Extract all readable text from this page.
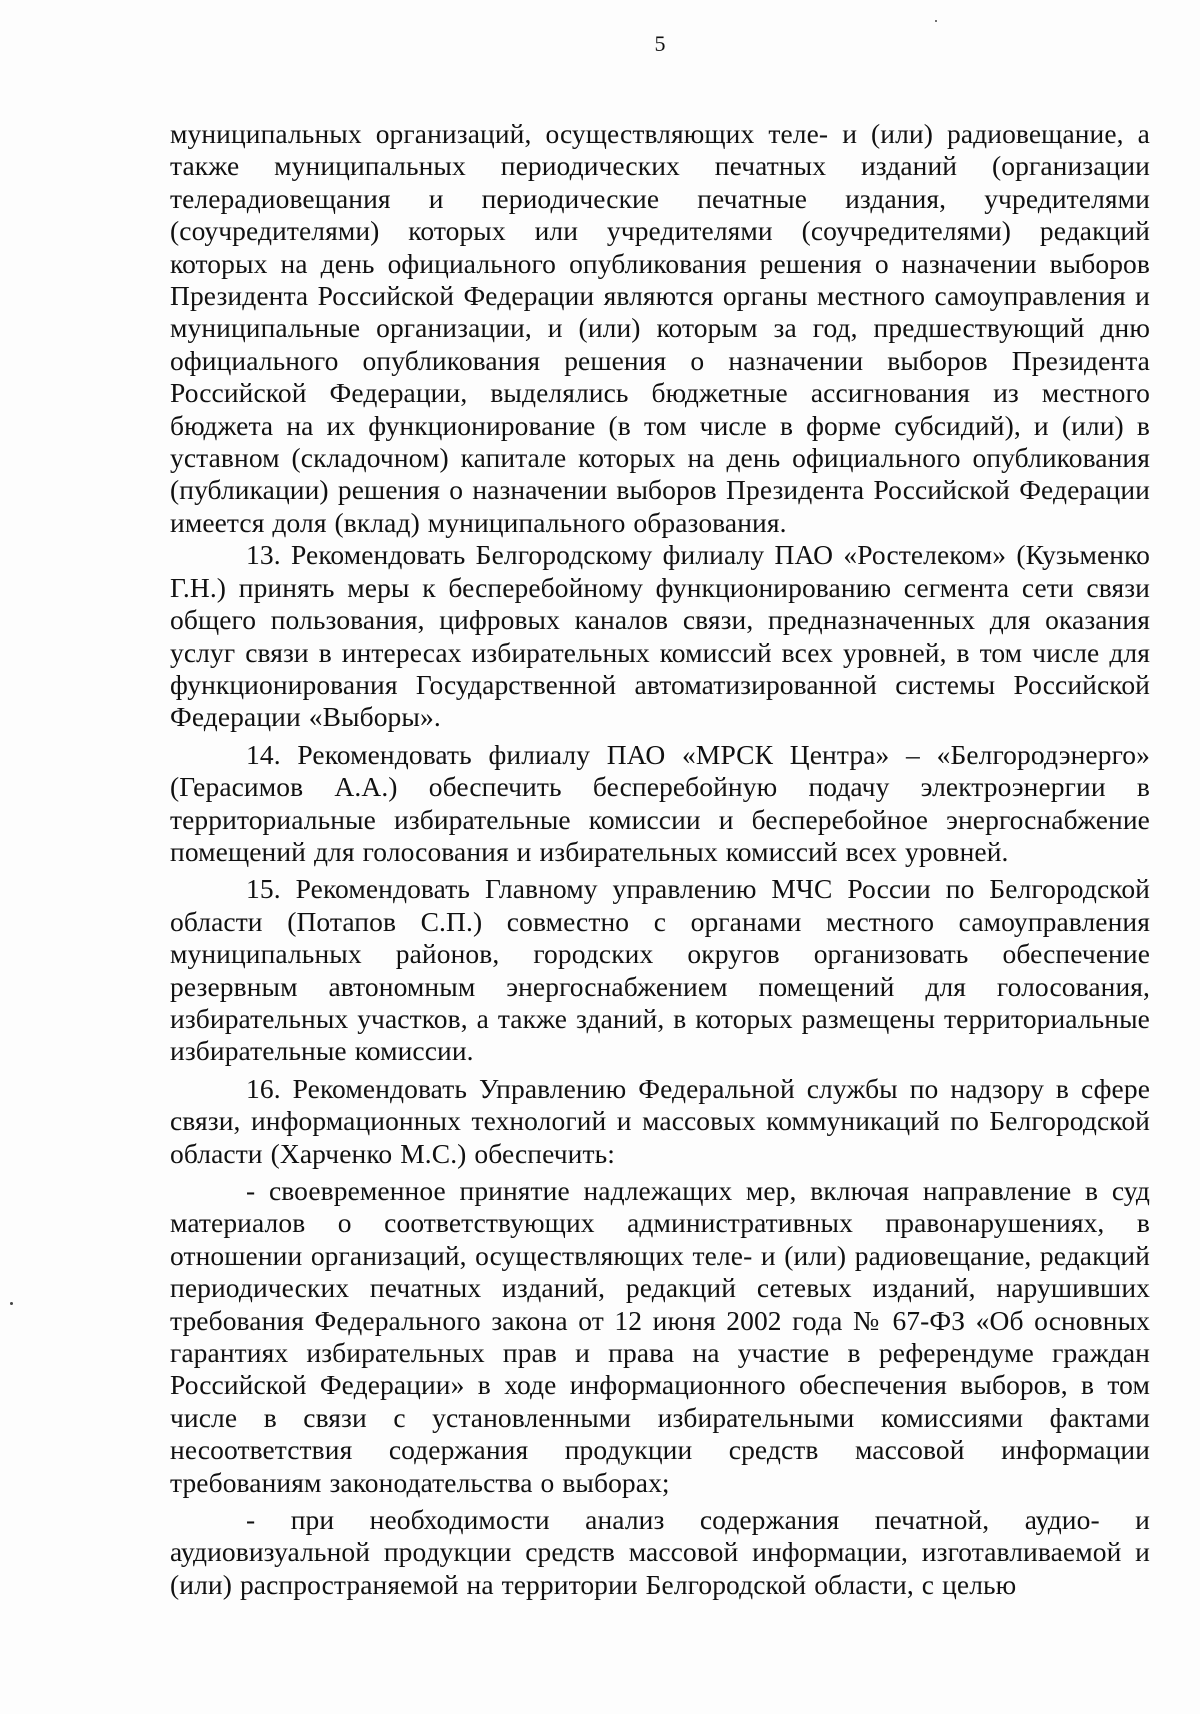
5

муниципальных организаций, осуществляющих теле- и (или) радиовещание, а также муниципальных периодических печатных изданий (организации телерадиовещания и периодические печатные издания, учредителями (соучредителями) которых или учредителями (соучредителями) редакций которых на день официального опубликования решения о назначении выборов Президента Российской Федерации являются органы местного самоуправления и муниципальные организации, и (или) которым за год, предшествующий дню официального опубликования решения о назначении выборов Президента Российской Федерации, выделялись бюджетные ассигнования из местного бюджета на их функционирование (в том числе в форме субсидий), и (или) в уставном (складочном) капитале которых на день официального опубликования (публикации) решения о назначении выборов Президента Российской Федерации имеется доля (вклад) муниципального образования.

13. Рекомендовать Белгородскому филиалу ПАО «Ростелеком» (Кузьменко Г.Н.) принять меры к бесперебойному функционированию сегмента сети связи общего пользования, цифровых каналов связи, предназначенных для оказания услуг связи в интересах избирательных комиссий всех уровней, в том числе для функционирования Государственной автоматизированной системы Российской Федерации «Выборы».

14. Рекомендовать филиалу ПАО «МРСК Центра» – «Белгородэнерго» (Герасимов А.А.) обеспечить бесперебойную подачу электроэнергии в территориальные избирательные комиссии и бесперебойное энергоснабжение помещений для голосования и избирательных комиссий всех уровней.

15. Рекомендовать Главному управлению МЧС России по Белгородской области (Потапов С.П.) совместно с органами местного самоуправления муниципальных районов, городских округов организовать обеспечение резервным автономным энергоснабжением помещений для голосования, избирательных участков, а также зданий, в которых размещены территориальные избирательные комиссии.

16. Рекомендовать Управлению Федеральной службы по надзору в сфере связи, информационных технологий и массовых коммуникаций по Белгородской области (Харченко М.С.) обеспечить:

- своевременное принятие надлежащих мер, включая направление в суд материалов о соответствующих административных правонарушениях, в отношении организаций, осуществляющих теле- и (или) радиовещание, редакций периодических печатных изданий, редакций сетевых изданий, нарушивших требования Федерального закона от 12 июня 2002 года № 67-ФЗ «Об основных гарантиях избирательных прав и права на участие в референдуме граждан Российской Федерации» в ходе информационного обеспечения выборов, в том числе в связи с установленными избирательными комиссиями фактами несоответствия содержания продукции средств массовой информации требованиям законодательства о выборах;

- при необходимости анализ содержания печатной, аудио- и аудиовизуальной продукции средств массовой информации, изготавливаемой и (или) распространяемой на территории Белгородской области, с целью
